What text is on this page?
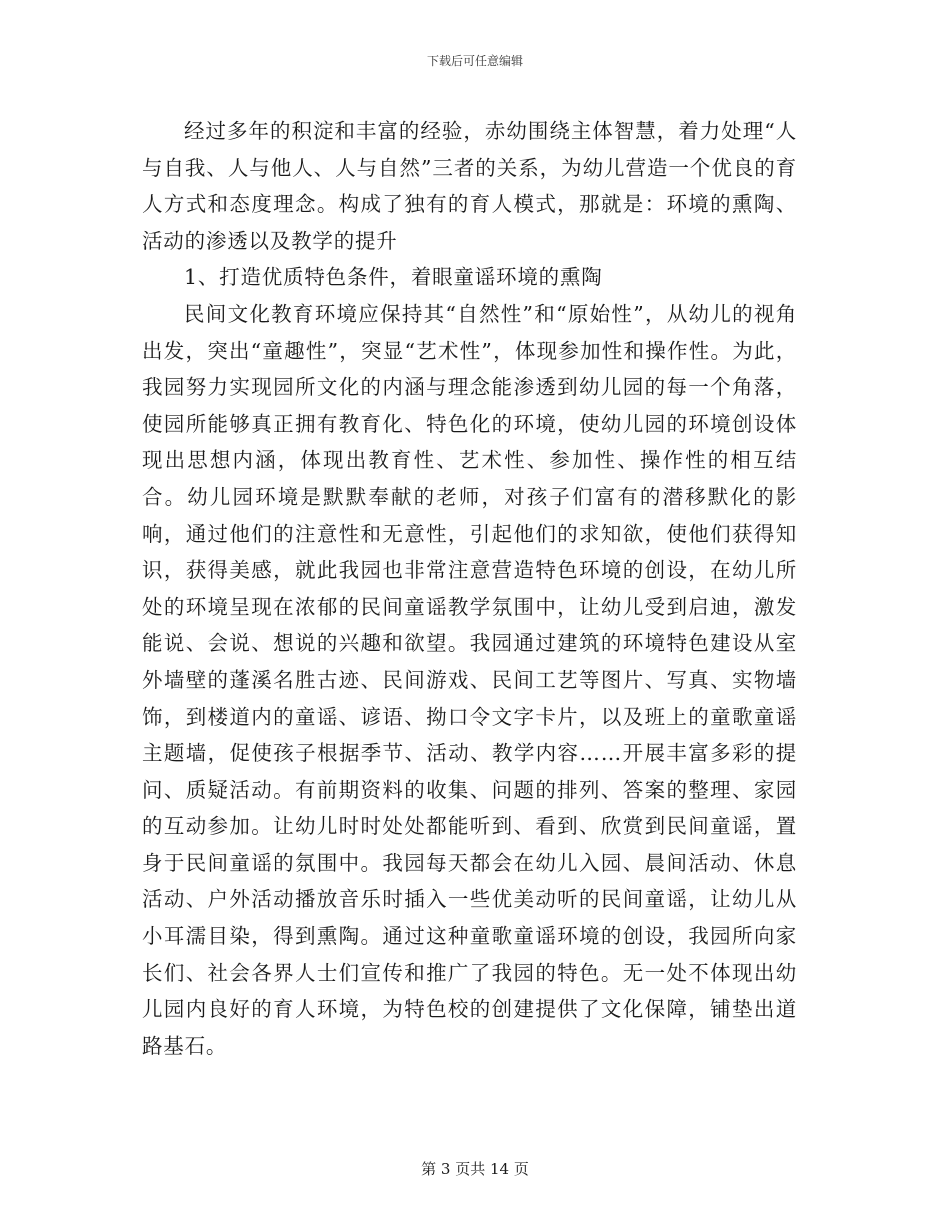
下载后可任意编辑

经过多年的积淀和丰富的经验，赤幼围绕主体智慧，着力处理“人与自我、人与他人、人与自然”三者的关系，为幼儿营造一个优良的育人方式和态度理念。构成了独有的育人模式，那就是：环境的熏陶、活动的渗透以及教学的提升

1、打造优质特色条件，着眼童谣环境的熏陶

民间文化教育环境应保持其“自然性”和“原始性”，从幼儿的视角出发，突出“童趣性”，突显“艺术性”，体现参加性和操作性。为此，我园努力实现园所文化的内涵与理念能渗透到幼儿园的每一个角落，使园所能够真正拥有教育化、特色化的环境，使幼儿园的环境创设体现出思想内涵，体现出教育性、艺术性、参加性、操作性的相互结合。幼儿园环境是默默奉献的老师，对孩子们富有的潜移默化的影响，通过他们的注意性和无意性，引起他们的求知欲，使他们获得知识，获得美感，就此我园也非常注意营造特色环境的创设，在幼儿所处的环境呈现在浓郁的民间童谣教学氛围中，让幼儿受到启迪，激发能说、会说、想说的兴趣和欲望。我园通过建筑的环境特色建设从室外墙壁的蓬溪名胜古迹、民间游戏、民间工艺等图片、写真、实物墙饰，到楼道内的童谣、谚语、拗口令文字卡片，以及班上的童歌童谣主题墙，促使孩子根据季节、活动、教学内容……开展丰富多彩的提问、质疑活动。有前期资料的收集、问题的排列、答案的整理、家园的互动参加。让幼儿时时处处都能听到、看到、欣赏到民间童谣，置身于民间童谣的氛围中。我园每天都会在幼儿入园、晨间活动、休息活动、户外活动播放音乐时插入一些优美动听的民间童谣，让幼儿从小耳濡目染，得到熏陶。通过这种童歌童谣环境的创设，我园所向家长们、社会各界人士们宣传和推广了我园的特色。无一处不体现出幼儿园内良好的育人环境，为特色校的创建提供了文化保障，铺垫出道路基石。

第 3 页共 14 页
